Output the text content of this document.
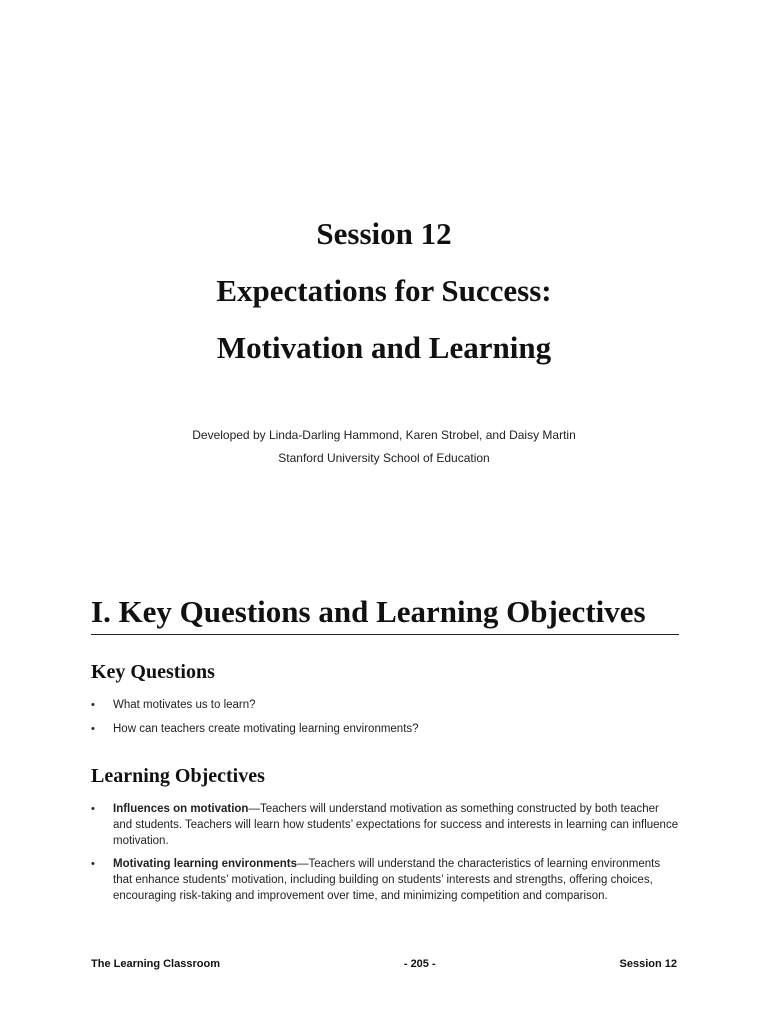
Session 12
Expectations for Success:
Motivation and Learning
Developed by Linda-Darling Hammond, Karen Strobel, and Daisy Martin
Stanford University School of Education
I. Key Questions and Learning Objectives
Key Questions
• What motivates us to learn?
• How can teachers create motivating learning environments?
Learning Objectives
• Influences on motivation—Teachers will understand motivation as something constructed by both teacher and students. Teachers will learn how students’ expectations for success and interests in learning can influence motivation.
• Motivating learning environments—Teachers will understand the characteristics of learning environments that enhance students’ motivation, including building on students’ interests and strengths, offering choices, encouraging risk-taking and improvement over time, and minimizing competition and comparison.
The Learning Classroom	- 205 -	Session 12
